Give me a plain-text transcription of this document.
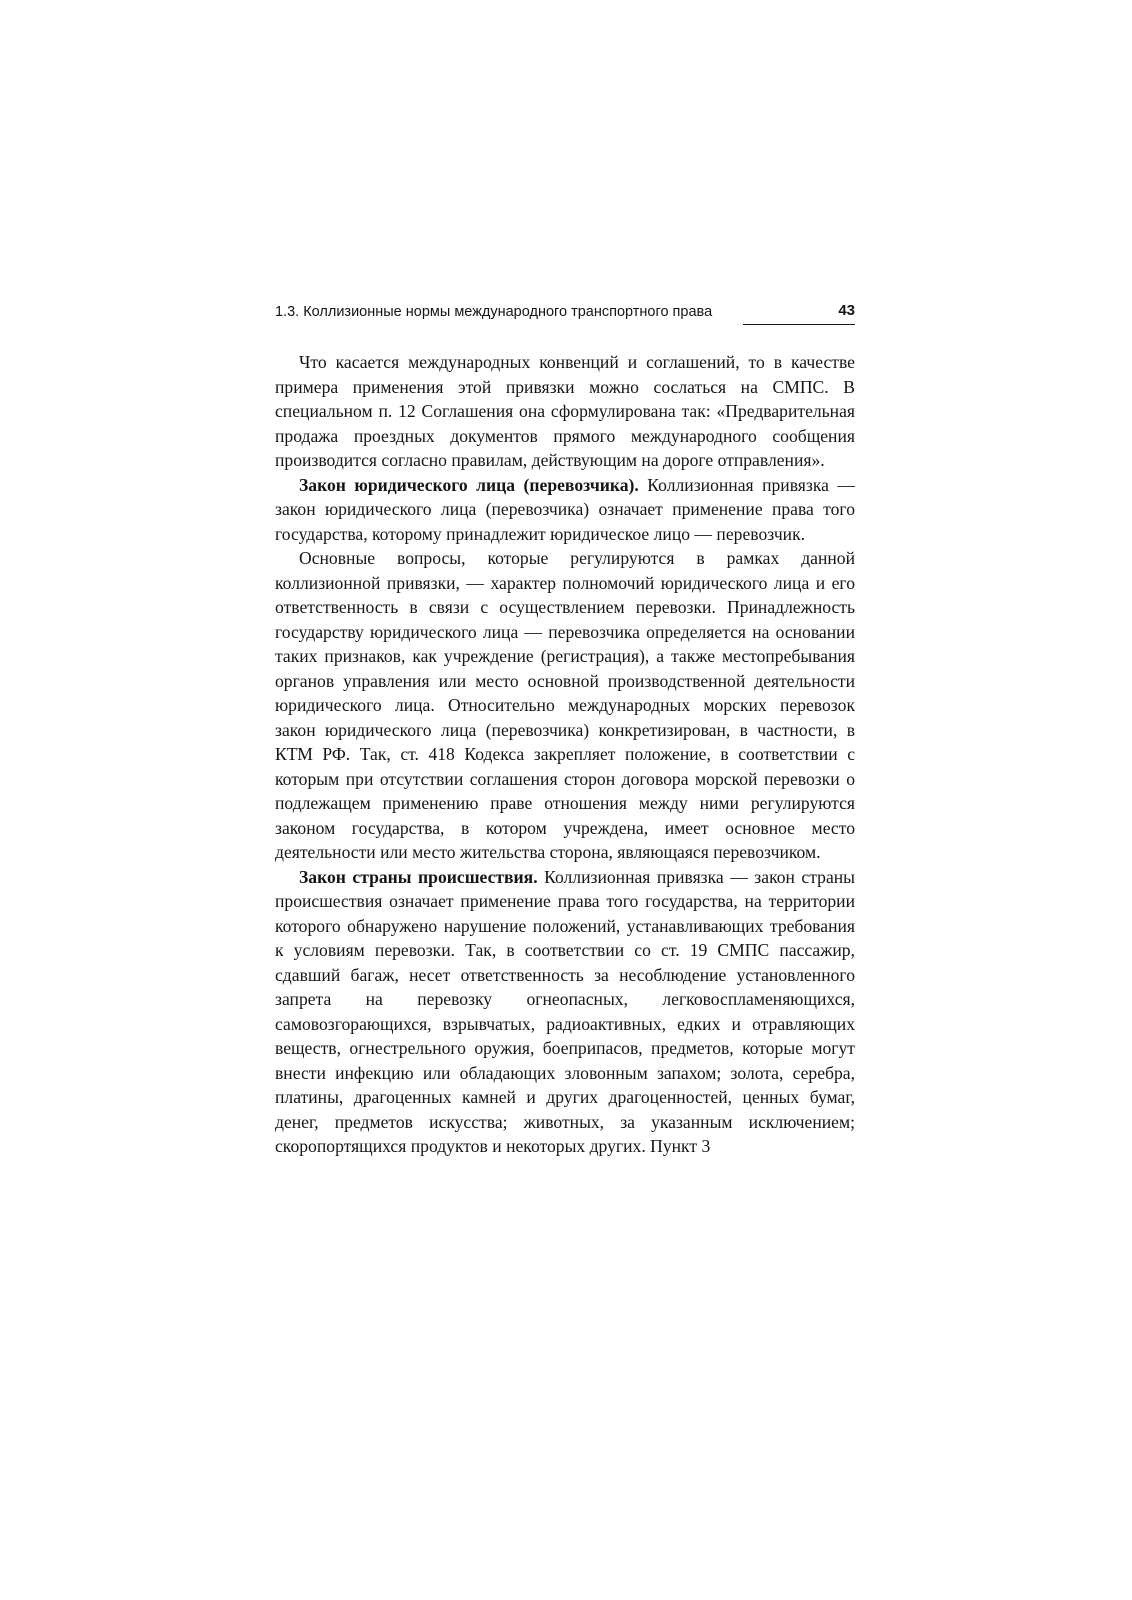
1.3. Коллизионные нормы международного транспортного права	43

Что касается международных конвенций и соглашений, то в качестве примера применения этой привязки можно сослаться на СМПС. В специальном п. 12 Соглашения она сформулирована так: «Предварительная продажа проездных документов прямого международного сообщения производится согласно правилам, действующим на дороге отправления».

Закон юридического лица (перевозчика). Коллизионная привязка — закон юридического лица (перевозчика) означает применение права того государства, которому принадлежит юридическое лицо — перевозчик.

Основные вопросы, которые регулируются в рамках данной коллизионной привязки, — характер полномочий юридического лица и его ответственность в связи с осуществлением перевозки. Принадлежность государству юридического лица — перевозчика определяется на основании таких признаков, как учреждение (регистрация), а также местопребывания органов управления или место основной производственной деятельности юридического лица. Относительно международных морских перевозок закон юридического лица (перевозчика) конкретизирован, в частности, в КТМ РФ. Так, ст. 418 Кодекса закрепляет положение, в соответствии с которым при отсутствии соглашения сторон договора морской перевозки о подлежащем применению праве отношения между ними регулируются законом государства, в котором учреждена, имеет основное место деятельности или место жительства сторона, являющаяся перевозчиком.

Закон страны происшествия. Коллизионная привязка — закон страны происшествия означает применение права того государства, на территории которого обнаружено нарушение положений, устанавливающих требования к условиям перевозки. Так, в соответствии со ст. 19 СМПС пассажир, сдавший багаж, несет ответственность за несоблюдение установленного запрета на перевозку огнеопасных, легковоспламеняющихся, самовозгорающихся, взрывчатых, радиоактивных, едких и отравляющих веществ, огнестрельного оружия, боеприпасов, предметов, которые могут внести инфекцию или обладающих зловонным запахом; золота, серебра, платины, драгоценных камней и других драгоценностей, ценных бумаг, денег, предметов искусства; животных, за указанным исключением; скоропортящихся продуктов и некоторых других. Пункт 3
